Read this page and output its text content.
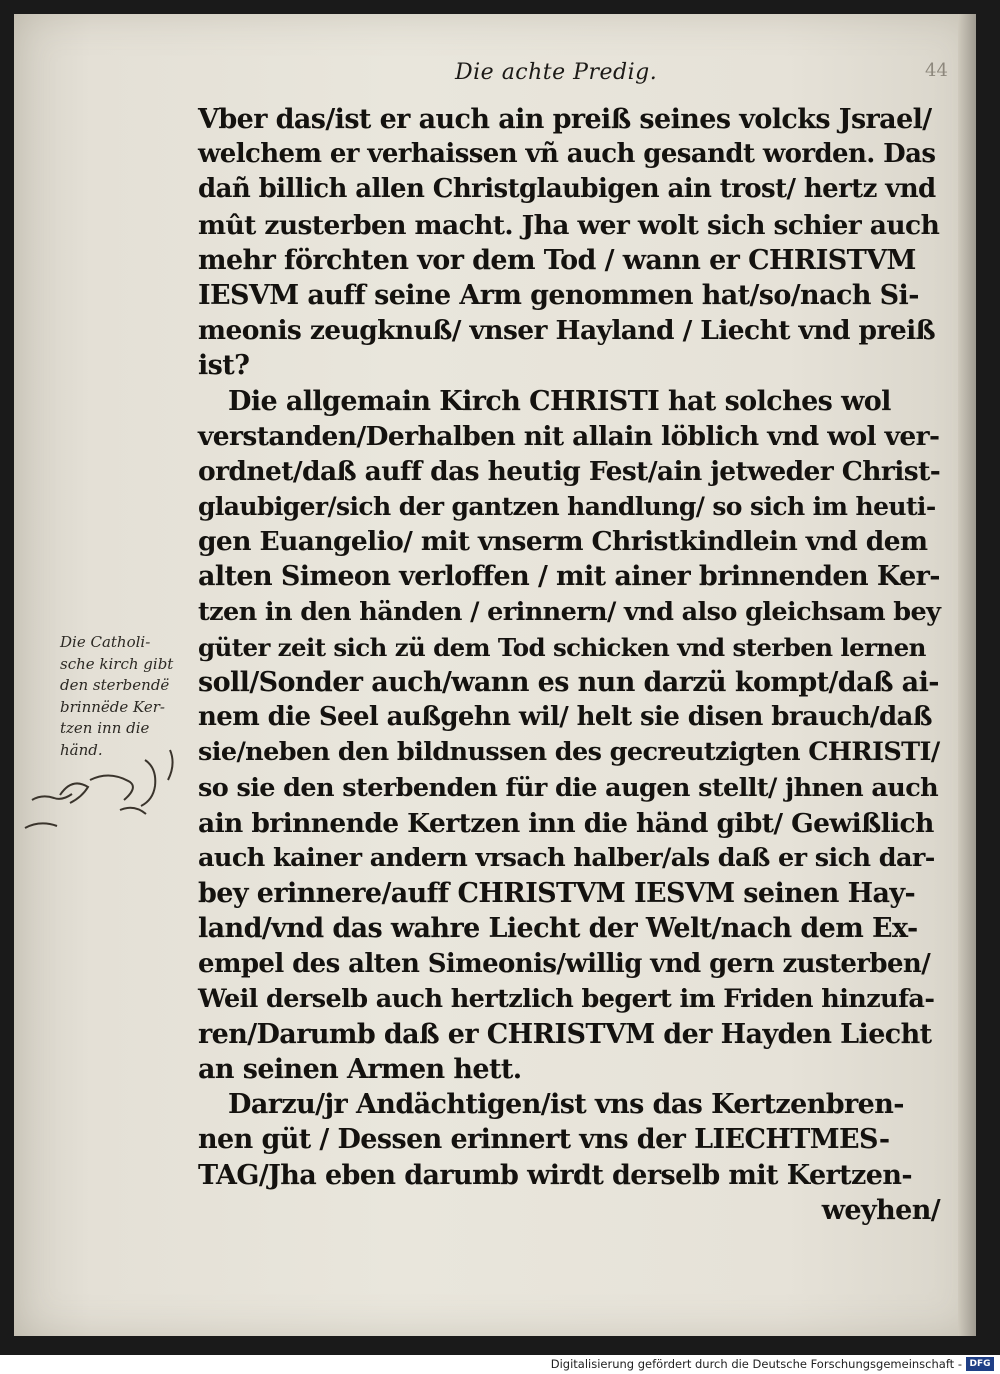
Die achte Predig.	44
Vber das/ist er auch ain preiß seines volcks Jsrael/
welchem er verhaissen vñ auch gesandt worden. Das
dañ billich allen Christglaubigen ain trost/ hertz vnd
mût zusterben macht. Jha wer wolt sich schier auch
mehr förchten vor dem Tod / wann er CHRISTVM
IESVM auff seine Arm genommen hat/so/nach Si-
meonis zeugknuß/ vnser Hayland / Liecht vnd preiß
ist?
Die allgemain Kirch CHRISTI hat solches wol
verstanden/Derhalben nit allain löblich vnd wol ver-
ordnet/daß auff das heutig Fest/ain jetweder Christ-
glaubiger/sich der gantzen handlung/ so sich im heuti-
gen Euangelio/ mit vnserm Christkindlein vnd dem
alten Simeon verloffen / mit ainer brinnenden Ker-
tzen in den händen / erinnern/ vnd also gleichsam bey
güter zeit sich zü dem Tod schicken vnd sterben lernen
soll/Sonder auch/wann es nun darzü kompt/daß ai-
nem die Seel außgehn wil/ helt sie disen brauch/daß
sie/neben den bildnussen des gecreutzigten CHRISTI/
so sie den sterbenden für die augen stellt/ jhnen auch
ain brinnende Kertzen inn die händ gibt/ Gewißlich
auch kainer andern vrsach halber/als daß er sich dar-
bey erinnere/auff CHRISTVM IESVM seinen Hay-
land/vnd das wahre Liecht der Welt/nach dem Ex-
empel des alten Simeonis/willig vnd gern zusterben/
Weil derselb auch hertzlich begert im Friden hinzufa-
ren/Darumb daß er CHRISTVM der Hayden Liecht
an seinen Armen hett.
Darzu/jr Andächtigen/ist vns das Kertzenbren-
nen güt / Dessen erinnert vns der LIECHTMES-
TAG/Jha eben darumb wirdt derselb mit Kertzen-
weyhen/
Die Catholi-
sche kirch gibt
den sterbendë
brinnëde Ker-
tzen inn die
händ.
Digitalisierung gefördert durch die Deutsche Forschungsgemeinschaft - DFG
